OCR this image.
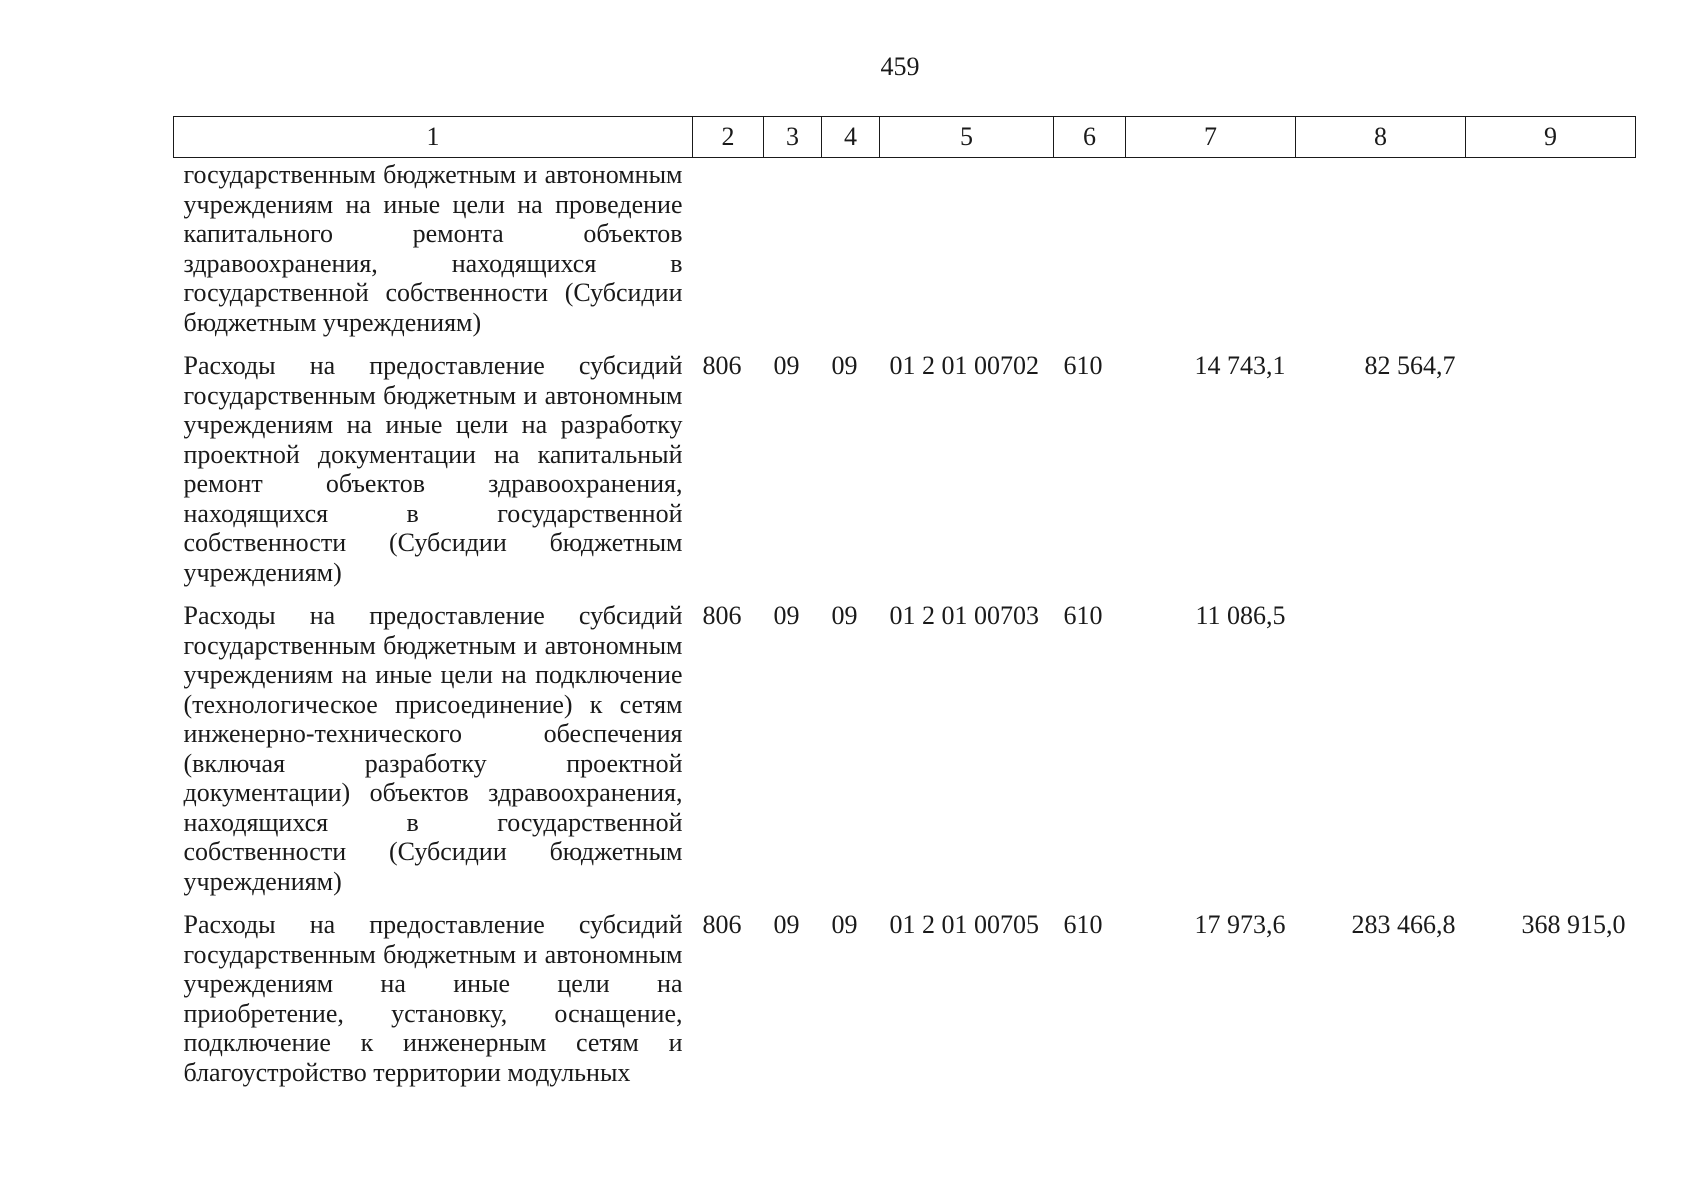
459
1	2	3	4	5	6	7	8	9
государственным бюджетным и автономным учреждениям на иные цели на проведение капитального ремонта объектов здравоохранения, находящихся в государственной собственности (Субсидии бюджетным учреждениям)								
Расходы на предоставление субсидий государственным бюджетным и автономным учреждениям на иные цели на разработку проектной документации на капитальный ремонт объектов здравоохранения, находящихся в государственной собственности (Субсидии бюджетным учреждениям)	806	09	09	01 2 01 00702	610	14 743,1	82 564,7	
Расходы на предоставление субсидий государственным бюджетным и автономным учреждениям на иные цели на подключение (технологическое присоединение) к сетям инженерно-технического обеспечения (включая разработку проектной документации) объектов здравоохранения, находящихся в государственной собственности (Субсидии бюджетным учреждениям)	806	09	09	01 2 01 00703	610	11 086,5		
Расходы на предоставление субсидий государственным бюджетным и автономным учреждениям на иные цели на приобретение, установку, оснащение, подключение к инженерным сетям и благоустройство территории модульных	806	09	09	01 2 01 00705	610	17 973,6	283 466,8	368 915,0
